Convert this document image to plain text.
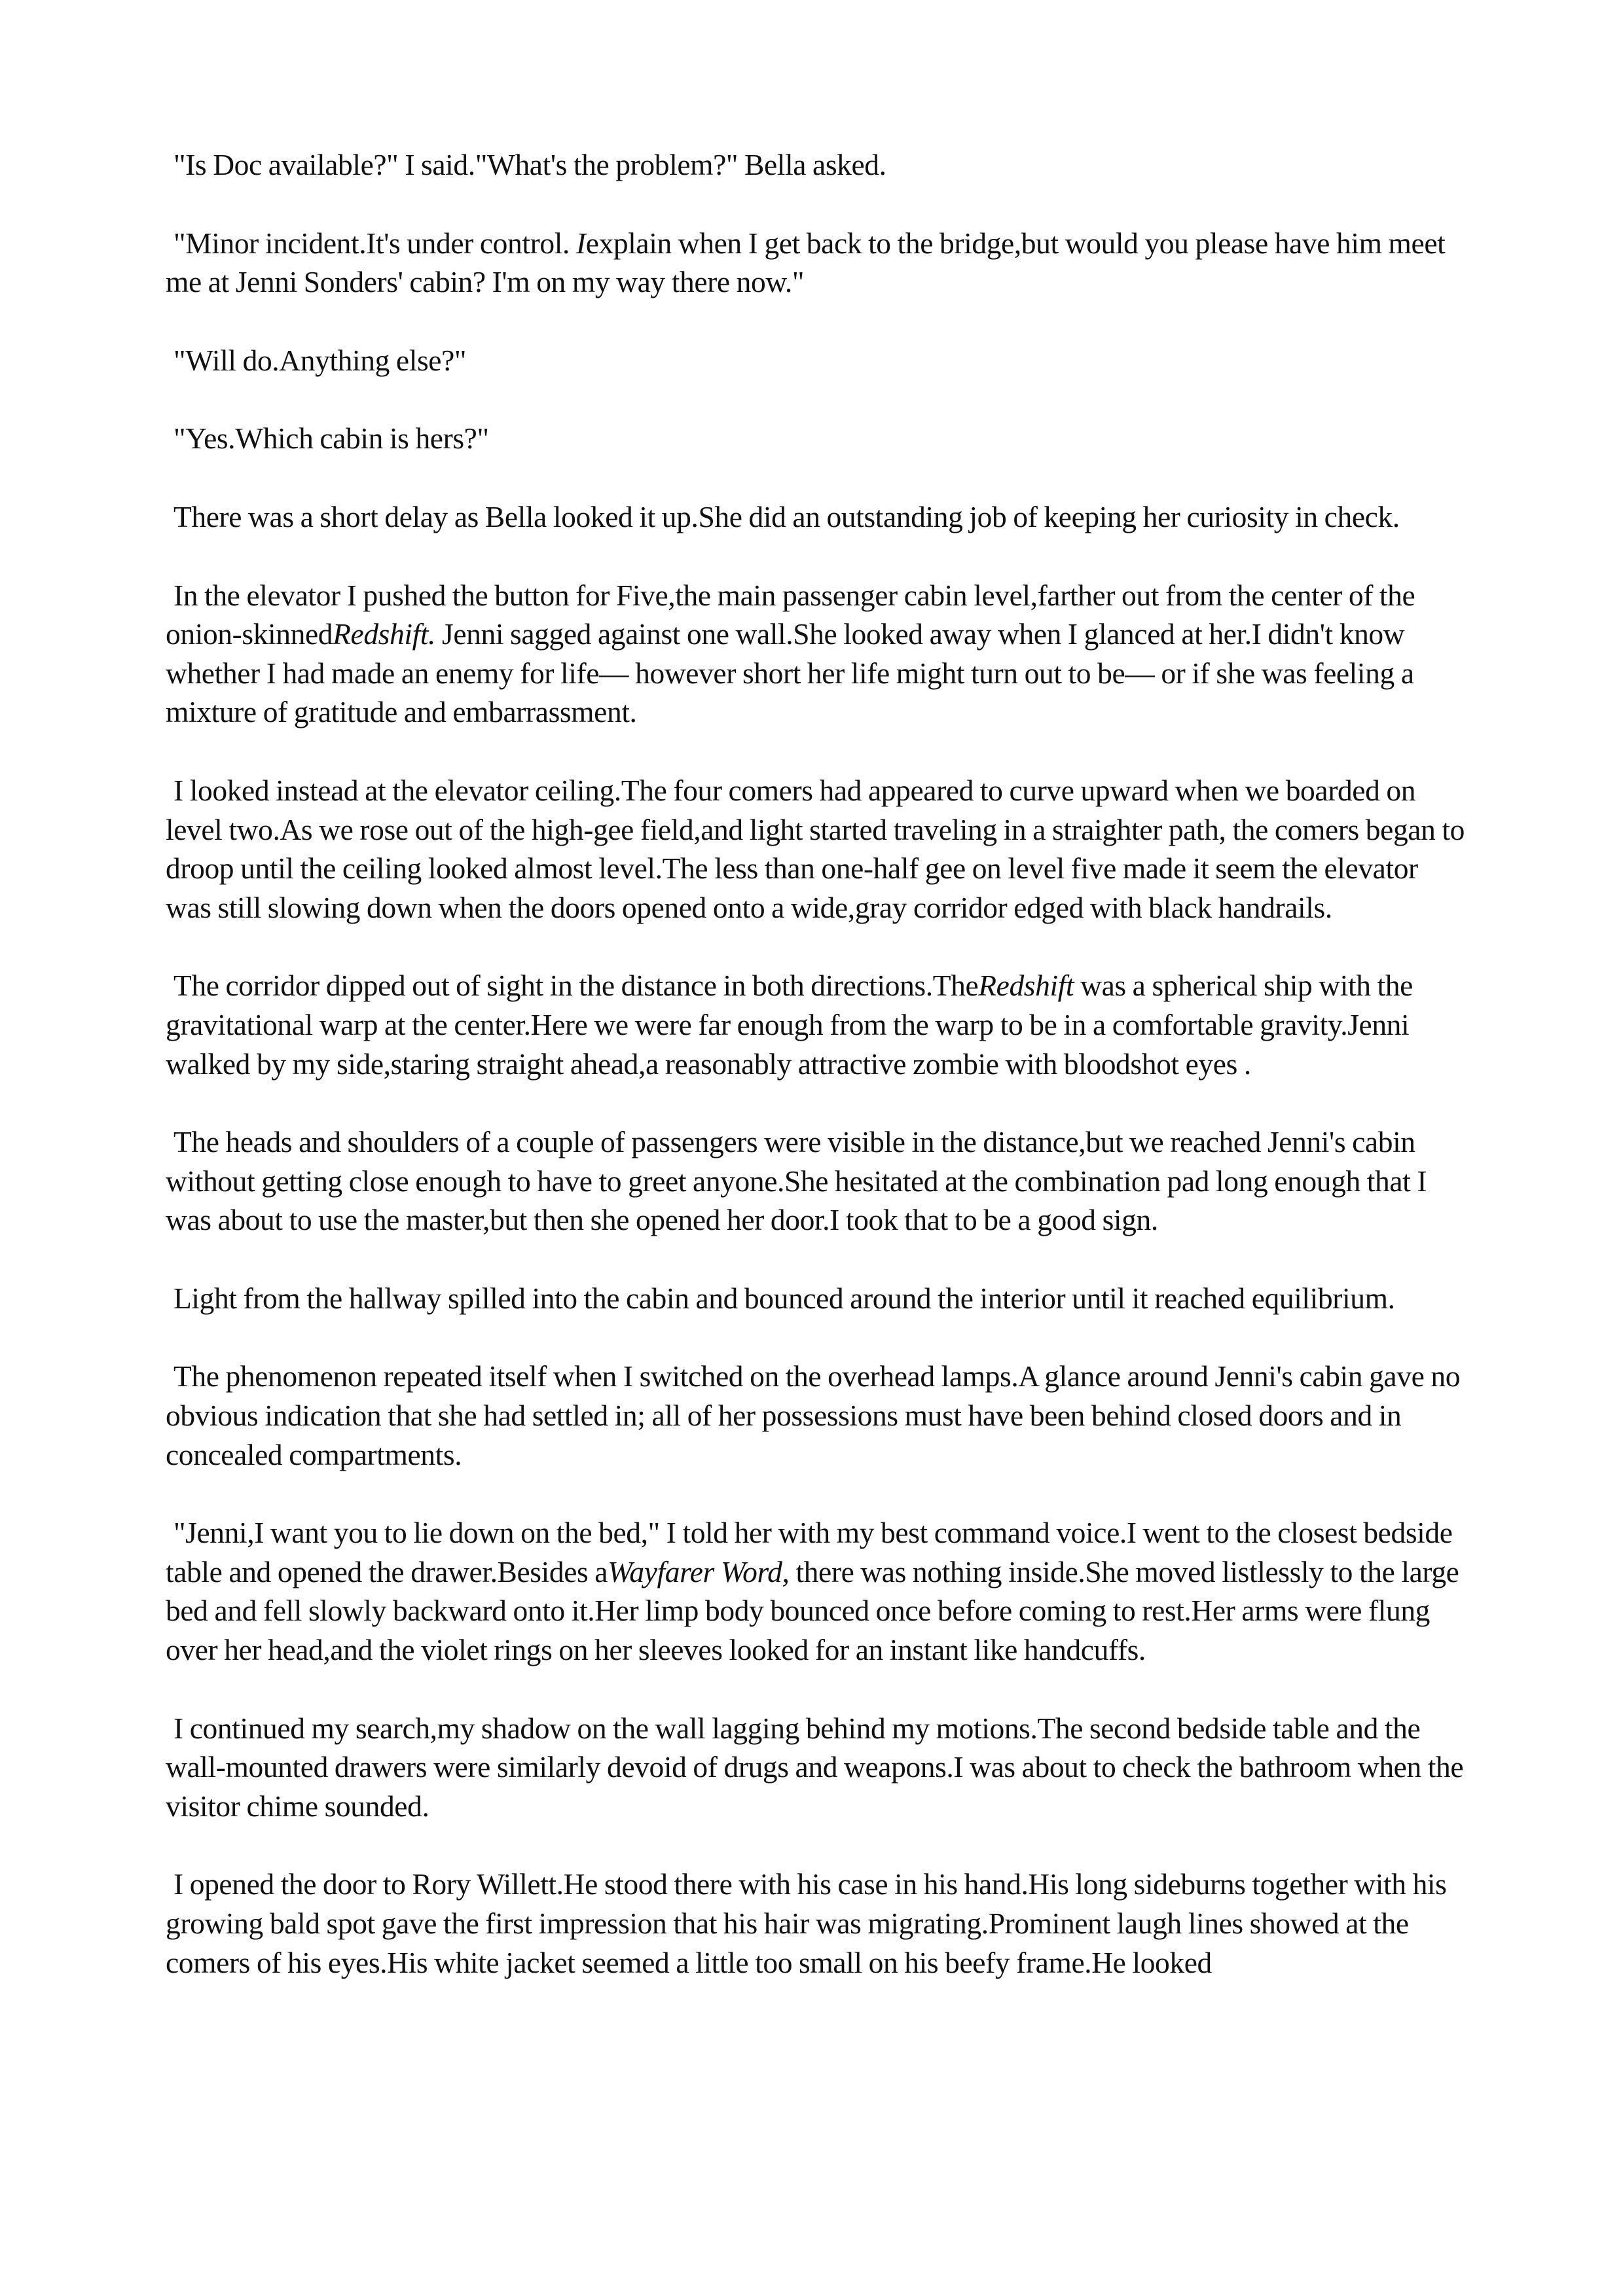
"Is Doc available?" I said."What's the problem?" Bella asked.

"Minor incident.It's under control. Iexplain when I get back to the bridge,but would you please have him meet me at Jenni Sonders' cabin? I'm on my way there now."

"Will do.Anything else?"

"Yes.Which cabin is hers?"

There was a short delay as Bella looked it up.She did an outstanding job of keeping her curiosity in check.

In the elevator I pushed the button for Five,the main passenger cabin level,farther out from the center of the onion-skinnedRedshift. Jenni sagged against one wall.She looked away when I glanced at her.I didn't know whether I had made an enemy for life— however short her life might turn out to be— or if she was feeling a mixture of gratitude and embarrassment.

I looked instead at the elevator ceiling.The four comers had appeared to curve upward when we boarded on level two.As we rose out of the high-gee field,and light started traveling in a straighter path, the comers began to droop until the ceiling looked almost level.The less than one-half gee on level five made it seem the elevator was still slowing down when the doors opened onto a wide,gray corridor edged with black handrails.

The corridor dipped out of sight in the distance in both directions.TheRedshift was a spherical ship with the gravitational warp at the center.Here we were far enough from the warp to be in a comfortable gravity.Jenni walked by my side,staring straight ahead,a reasonably attractive zombie with bloodshot eyes .

The heads and shoulders of a couple of passengers were visible in the distance,but we reached Jenni's cabin without getting close enough to have to greet anyone.She hesitated at the combination pad long enough that I was about to use the master,but then she opened her door.I took that to be a good sign.

Light from the hallway spilled into the cabin and bounced around the interior until it reached equilibrium.

The phenomenon repeated itself when I switched on the overhead lamps.A glance around Jenni's cabin gave no obvious indication that she had settled in; all of her possessions must have been behind closed doors and in concealed compartments.

"Jenni,I want you to lie down on the bed," I told her with my best command voice.I went to the closest bedside table and opened the drawer.Besides aWayfarer Word, there was nothing inside.She moved listlessly to the large bed and fell slowly backward onto it.Her limp body bounced once before coming to rest.Her arms were flung over her head,and the violet rings on her sleeves looked for an instant like handcuffs.

I continued my search,my shadow on the wall lagging behind my motions.The second bedside table and the wall-mounted drawers were similarly devoid of drugs and weapons.I was about to check the bathroom when the visitor chime sounded.

I opened the door to Rory Willett.He stood there with his case in his hand.His long sideburns together with his growing bald spot gave the first impression that his hair was migrating.Prominent laugh lines showed at the comers of his eyes.His white jacket seemed a little too small on his beefy frame.He looked
